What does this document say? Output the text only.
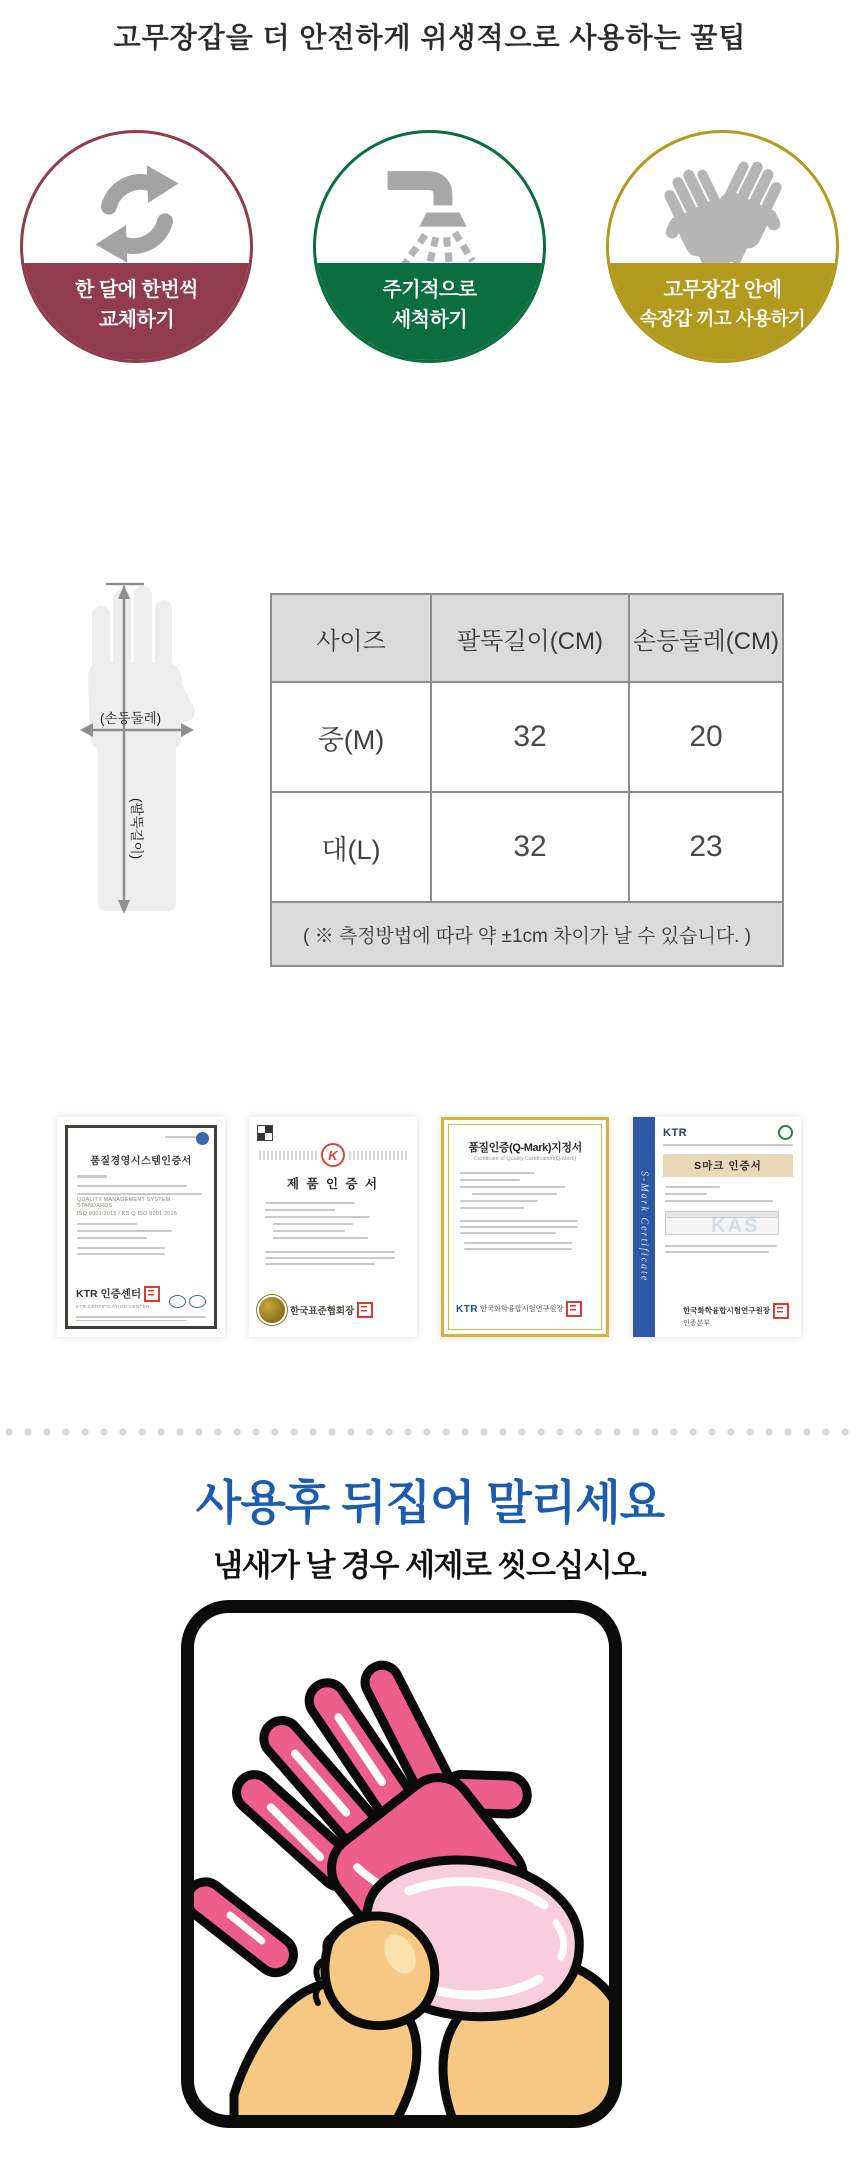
고무장갑을 더 안전하게 위생적으로 사용하는 꿀팁
한 달에 한번씩
교체하기
주기적으로
세척하기
고무장갑 안에
속장갑 끼고 사용하기
(손등둘레)
(팔뚝길이)
사이즈	팔뚝길이(CM)	손등둘레(CM)
중(M)	32	20
대(L)	32	23
( ※ 측정방법에 따라 약 ±1cm 차이가 날 수 있습니다. )		
품질경영시스템인증서
QUALITY MANAGEMENT SYSTEM STANDARDS
ISO 9001:2015 / KS Q ISO 9001:2015
KTR 인증센터
KTR CERTIFICATION CENTER
K
제 품 인 증 서
한국표준협회장
품질인증(Q-Mark)지정서
Certificate of Quality Certification(Q-Mark)
KTR 한국화학융합시험연구원장
S-Mark Certificate
KTR
S마크 인증서
KAS
한국화학융합시험연구원장
인증본부
사용후 뒤집어 말리세요
냄새가 날 경우 세제로 씻으십시오.
